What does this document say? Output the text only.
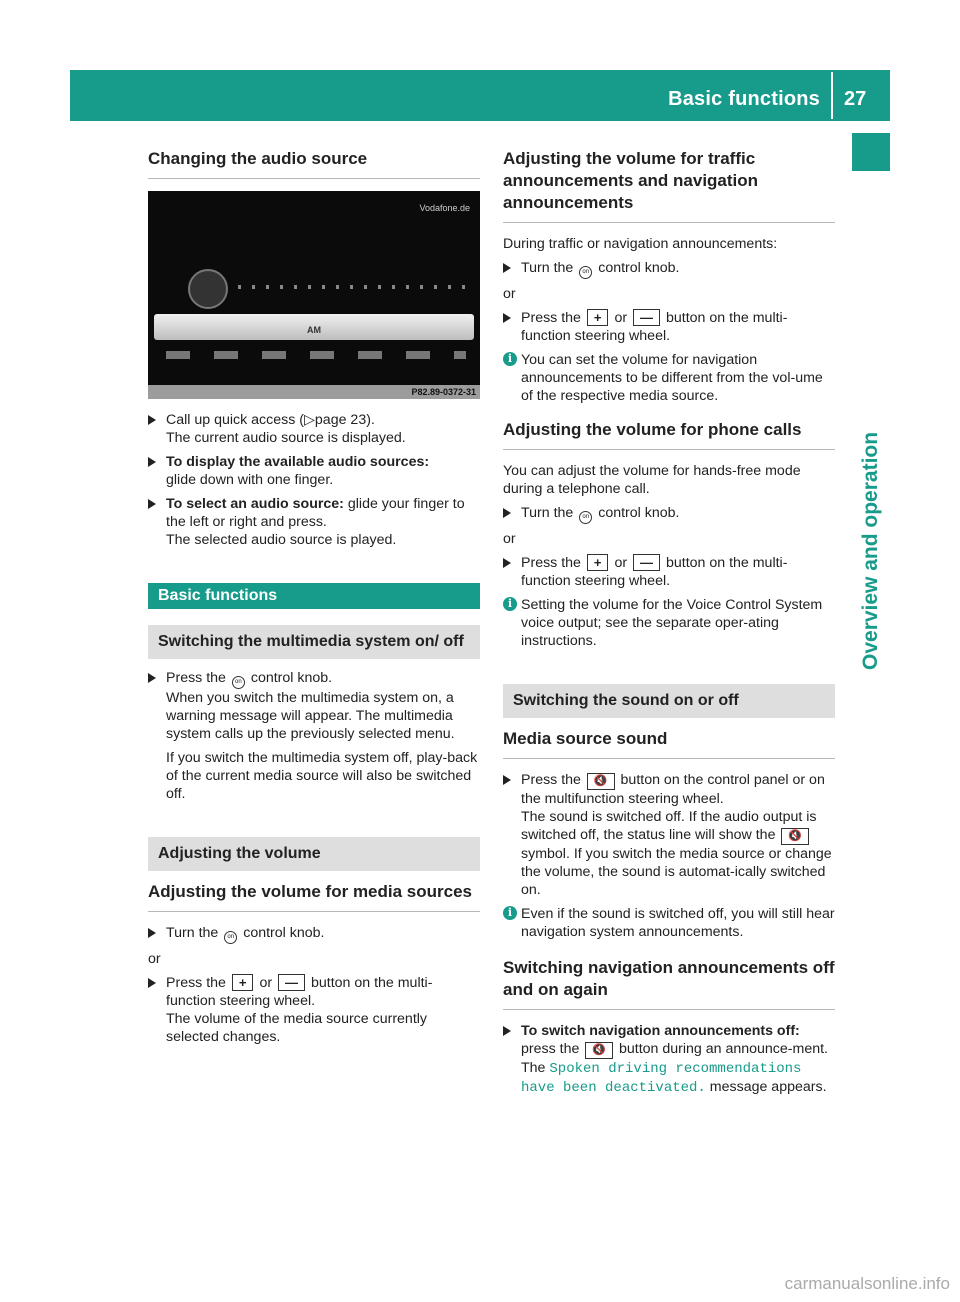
Basic functions 27
Overview and operation
Changing the audio source
Vodafone.de
AM
P82.89-0372-31
Call up quick access (▷page 23).
The current audio source is displayed.
To display the available audio sources:
glide down with one finger.
To select an audio source: glide your finger to the left or right and press.
The selected audio source is played.
Basic functions
Switching the multimedia system on/ off
Press the on control knob.
When you switch the multimedia system on, a warning message will appear. The multimedia system calls up the previously selected menu.
If you switch the multimedia system off, play-back of the current media source will also be switched off.
Adjusting the volume
Adjusting the volume for media sources
Turn the on control knob.
or
Press the + or — button on the multi-function steering wheel.
The volume of the media source currently selected changes.
Adjusting the volume for traffic announcements and navigation announcements
During traffic or navigation announcements:
Turn the on control knob.
or
Press the + or — button on the multi-function steering wheel.
i You can set the volume for navigation announcements to be different from the vol-ume of the respective media source.
Adjusting the volume for phone calls
You can adjust the volume for hands-free mode during a telephone call.
Turn the on control knob.
or
Press the + or — button on the multi-function steering wheel.
i Setting the volume for the Voice Control System voice output; see the separate oper-ating instructions.
Switching the sound on or off
Media source sound
Press the 🔇 button on the control panel or on the multifunction steering wheel.
The sound is switched off. If the audio output is switched off, the status line will show the 🔇 symbol. If you switch the media source or change the volume, the sound is automat-ically switched on.
i Even if the sound is switched off, you will still hear navigation system announcements.
Switching navigation announcements off and on again
To switch navigation announcements off:
press the 🔇 button during an announce-ment.
The Spoken driving recommendations have been deactivated. message appears.
carmanualsonline.info
